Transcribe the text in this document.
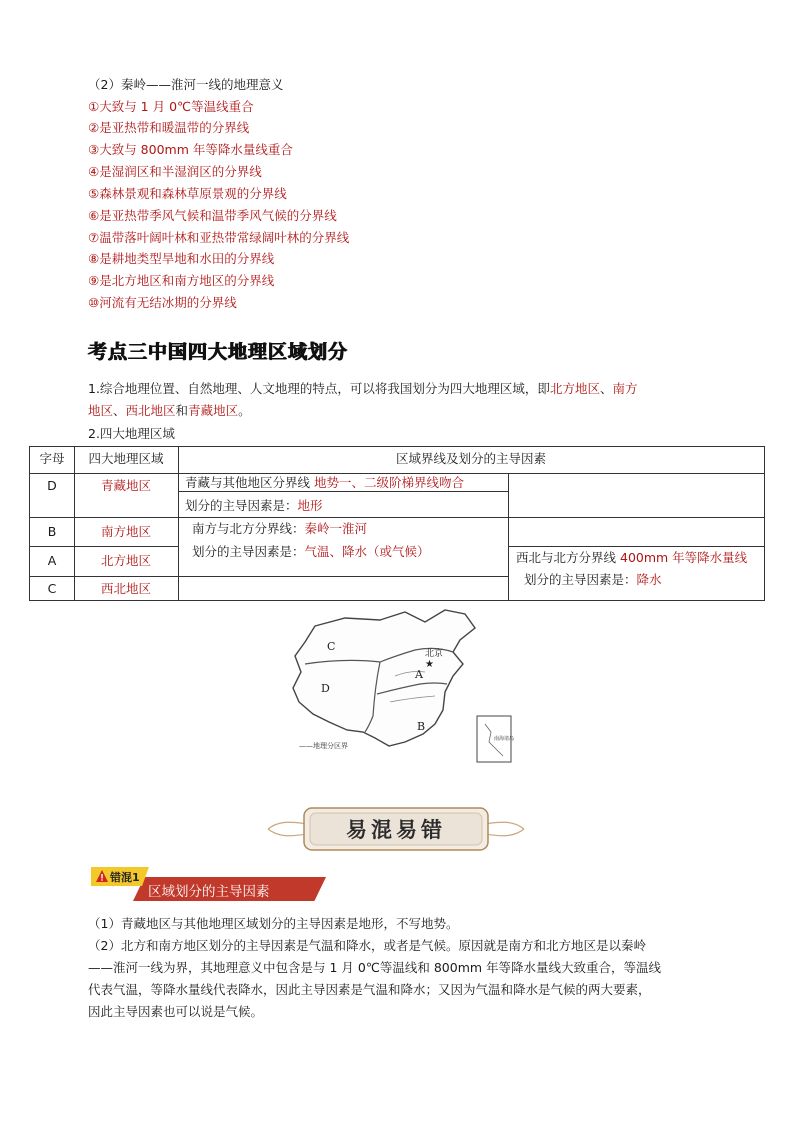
（2）秦岭——淮河一线的地理意义
①大致与 1 月 0℃等温线重合
②是亚热带和暖温带的分界线
③大致与 800mm 年等降水量线重合
④是湿润区和半湿润区的分界线
⑤森林景观和森林草原景观的分界线
⑥是亚热带季风气候和温带季风气候的分界线
⑦温带落叶阔叶林和亚热带常绿阔叶林的分界线
⑧是耕地类型旱地和水田的分界线
⑨是北方地区和南方地区的分界线
⑩河流有无结冰期的分界线
考点三中国四大地理区域划分
1.综合地理位置、自然地理、人文地理的特点，可以将我国划分为四大地理区域，即北方地区、南方
地区、西北地区和青藏地区。
2.四大地理区域
字母	四大地理区域	区域界线及划分的主导因素
D	青藏地区	青藏与其他地区分界线 地势一、二级阶梯界线吻合
划分的主导因素是：地形
B	南方地区	南方与北方分界线：秦岭一淮河
划分的主导因素是：气温、降水（或气候）
A	北方地区	西北与北方分界线 400mm 年等降水量线
划分的主导因素是：降水
C	西北地区
C
D
A
B
北京
★
——地理分区界
南海诸岛
易混易错
错混1
区域划分的主导因素
（1）青藏地区与其他地理区域划分的主导因素是地形，不写地势。
（2）北方和南方地区划分的主导因素是气温和降水，或者是气候。原因就是南方和北方地区是以秦岭
——淮河一线为界，其地理意义中包含是与 1 月 0℃等温线和 800mm 年等降水量线大致重合，等温线
代表气温，等降水量线代表降水，因此主导因素是气温和降水；又因为气温和降水是气候的两大要素，
因此主导因素也可以说是气候。
